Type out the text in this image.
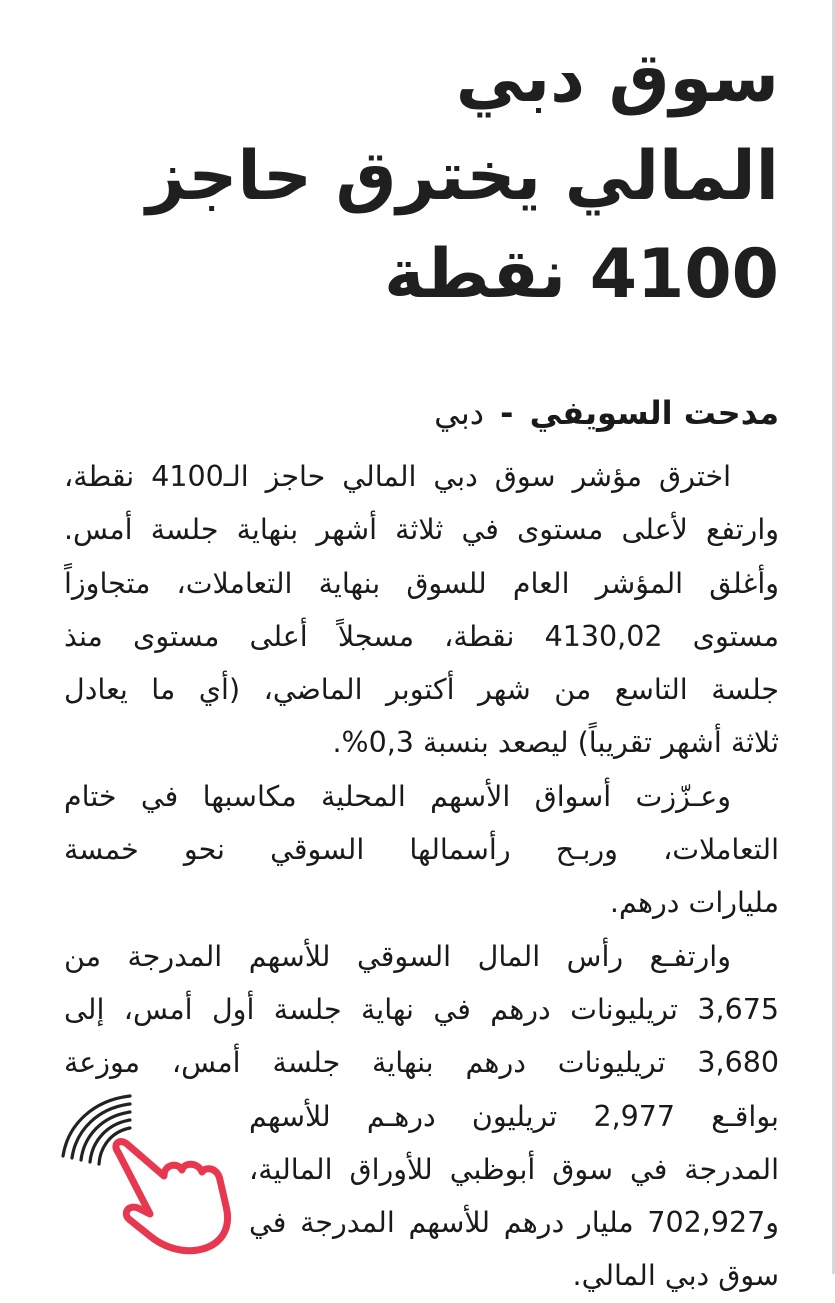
سوق دبي
المالي يخترق حاجز
4100 نقطة
مدحت السويفي - دبي
اخترق مؤشر سوق دبي المالي حاجز الـ4100 نقطة،
وارتفع لأعلى مستوى في ثلاثة أشهر بنهاية جلسة أمس.
وأغلق المؤشر العام للسوق بنهاية التعاملات، متجاوزاً
مستوى 4130,02 نقطة، مسجلاً أعلى مستوى منذ
جلسة التاسع من شهر أكتوبر الماضي، (أي ما يعادل
ثلاثة أشهر تقريباً) ليصعد بنسبة 0,3%.
وعـزّزت أسواق الأسهم المحلية مكاسبها في ختام
التعاملات، وربـح رأسمالها السوقي نحو خمسة
مليارات درهم.
وارتفـع رأس المال السوقي للأسهم المدرجة من
3,675 تريليونات درهم في نهاية جلسة أول أمس، إلى
3,680 تريليونات درهم بنهاية جلسة أمس، موزعة
بواقـع 2,977 تريليون درهـم للأسهم
المدرجة في سوق أبوظبي للأوراق المالية،
و702,927 مليار درهم للأسهم المدرجة في
سوق دبي المالي.
